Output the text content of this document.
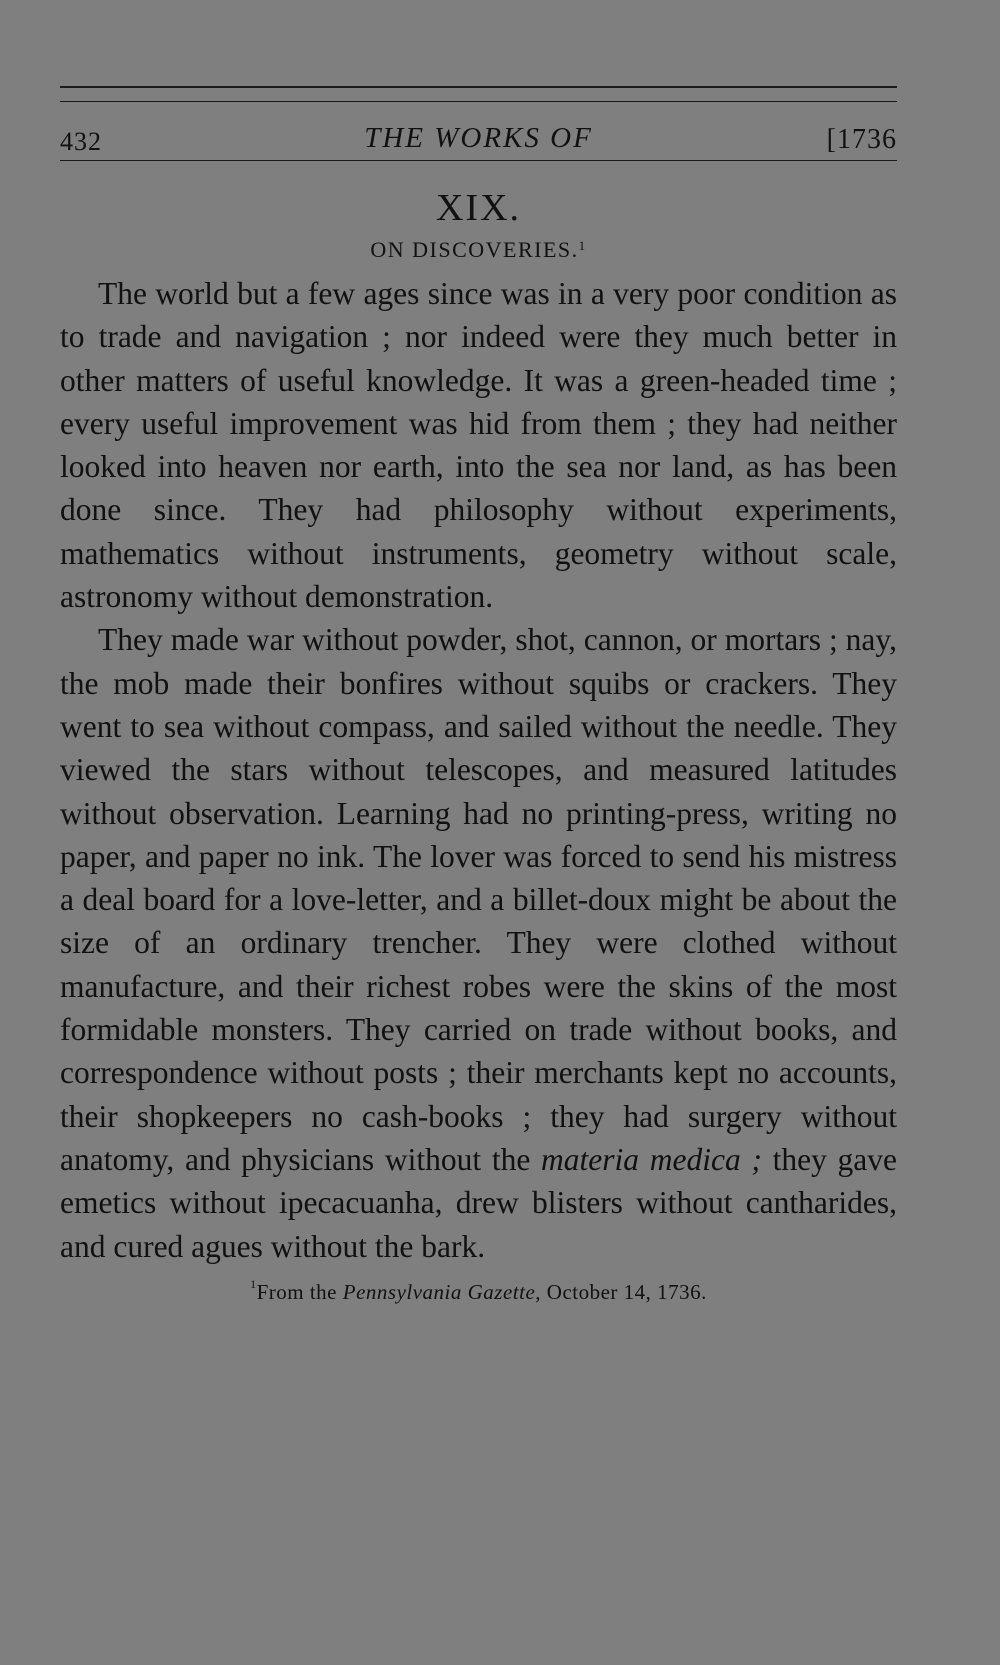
432	THE WORKS OF	[1736
XIX.
ON DISCOVERIES.$^1$

The world but a few ages since was in a very poor condition as to trade and navigation ; nor indeed were they much better in other matters of useful knowledge. It was a green-headed time ; every useful improvement was hid from them ; they had neither looked into heaven nor earth, into the sea nor land, as has been done since. They had philosophy without experiments, mathematics without instruments, geometry without scale, astronomy without demonstration.

They made war without powder, shot, cannon, or mortars ; nay, the mob made their bonfires without squibs or crackers. They went to sea without compass, and sailed without the needle. They viewed the stars without telescopes, and measured latitudes without observation. Learning had no printing-press, writing no paper, and paper no ink. The lover was forced to send his mistress a deal board for a love-letter, and a billet-doux might be about the size of an ordinary trencher. They were clothed without manufacture, and their richest robes were the skins of the most formidable monsters. They carried on trade without books, and correspondence without posts ; their merchants kept no accounts, their shopkeepers no cash-books ; they had surgery without anatomy, and physicians without the materia medica ; they gave emetics without ipecacuanha, drew blisters without cantharides, and cured agues without the bark.

$^1$From the Pennsylvania Gazette, October 14, 1736.
